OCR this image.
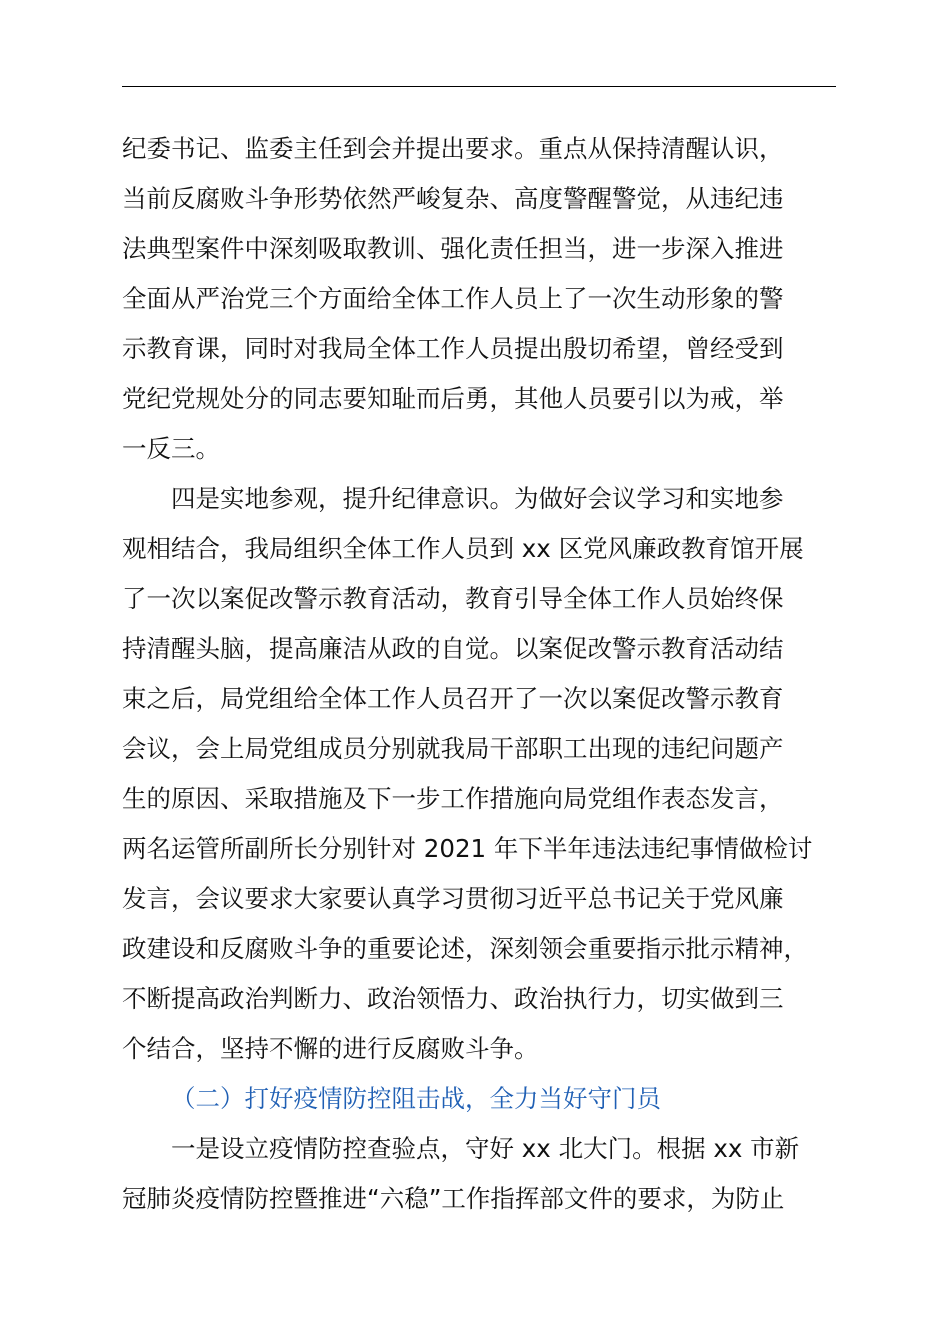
纪委书记、监委主任到会并提出要求。重点从保持清醒认识，
当前反腐败斗争形势依然严峻复杂、高度警醒警觉，从违纪违
法典型案件中深刻吸取教训、强化责任担当，进一步深入推进
全面从严治党三个方面给全体工作人员上了一次生动形象的警
示教育课，同时对我局全体工作人员提出殷切希望，曾经受到
党纪党规处分的同志要知耻而后勇，其他人员要引以为戒，举
一反三。
四是实地参观，提升纪律意识。为做好会议学习和实地参
观相结合，我局组织全体工作人员到 xx 区党风廉政教育馆开展
了一次以案促改警示教育活动，教育引导全体工作人员始终保
持清醒头脑，提高廉洁从政的自觉。以案促改警示教育活动结
束之后，局党组给全体工作人员召开了一次以案促改警示教育
会议，会上局党组成员分别就我局干部职工出现的违纪问题产
生的原因、采取措施及下一步工作措施向局党组作表态发言，
两名运管所副所长分别针对 2021 年下半年违法违纪事情做检讨
发言，会议要求大家要认真学习贯彻习近平总书记关于党风廉
政建设和反腐败斗争的重要论述，深刻领会重要指示批示精神，
不断提高政治判断力、政治领悟力、政治执行力，切实做到三
个结合，坚持不懈的进行反腐败斗争。
（二）打好疫情防控阻击战，全力当好守门员
一是设立疫情防控查验点，守好 xx 北大门。根据 xx 市新
冠肺炎疫情防控暨推进“六稳”工作指挥部文件的要求，为防止
